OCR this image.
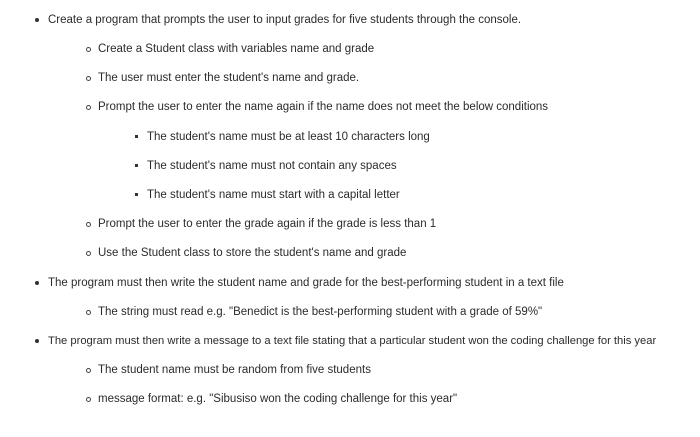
Create a program that prompts the user to input grades for five students through the console.
Create a Student class with variables name and grade
The user must enter the student's name and grade.
Prompt the user to enter the name again if the name does not meet the below conditions
The student's name must be at least 10 characters long
The student's name must not contain any spaces
The student's name must start with a capital letter
Prompt the user to enter the grade again if the grade is less than 1
Use the Student class to store the student's name and grade
The program must then write the student name and grade for the best-performing student in a text file
The string must read e.g. "Benedict is the best-performing student with a grade of 59%"
The program must then write a message to a text file stating that a particular student won the coding challenge for this year
The student name must be random from five students
message format: e.g. "Sibusiso won the coding challenge for this year"
